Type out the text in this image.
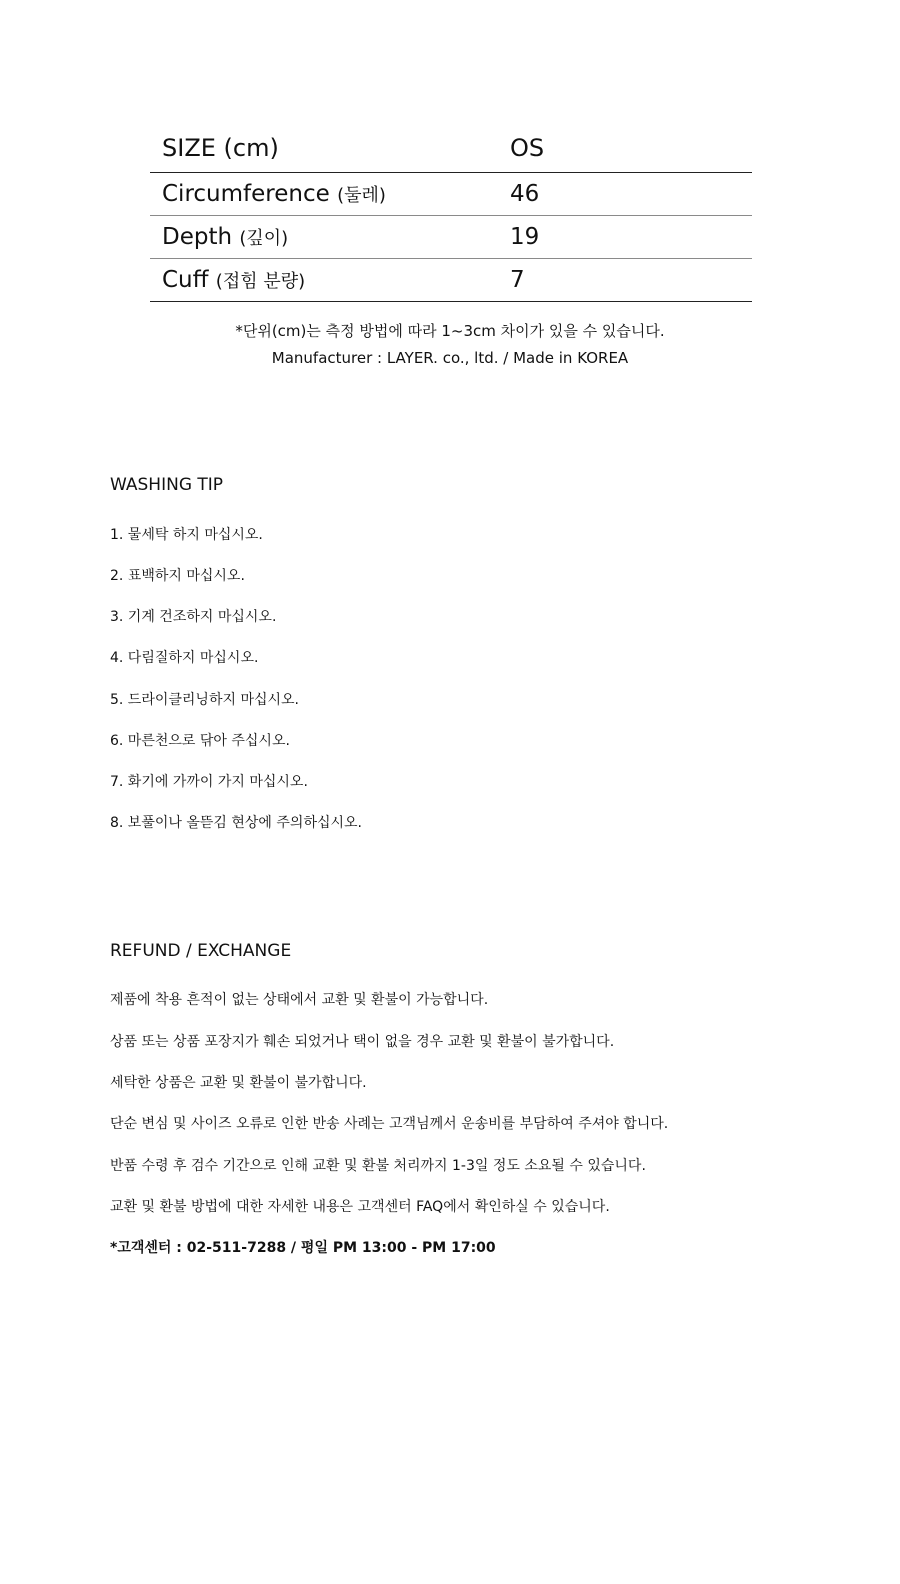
SIZE (cm)	OS
Circumference (둘레)	46
Depth (깊이)	19
Cuff (접힘 분량)	7
*단위(cm)는 측정 방법에 따라 1~3cm 차이가 있을 수 있습니다.
Manufacturer : LAYER. co., ltd. / Made in KOREA
WASHING TIP
1. 물세탁 하지 마십시오.
2. 표백하지 마십시오.
3. 기계 건조하지 마십시오.
4. 다림질하지 마십시오.
5. 드라이클리닝하지 마십시오.
6. 마른천으로 닦아 주십시오.
7. 화기에 가까이 가지 마십시오.
8. 보풀이나 올뜯김 현상에 주의하십시오.
REFUND / EXCHANGE
제품에 착용 흔적이 없는 상태에서 교환 및 환불이 가능합니다.
상품 또는 상품 포장지가 훼손 되었거나 택이 없을 경우 교환 및 환불이 불가합니다.
세탁한 상품은 교환 및 환불이 불가합니다.
단순 변심 및 사이즈 오류로 인한 반송 사례는 고객님께서 운송비를 부담하여 주셔야 합니다.
반품 수령 후 검수 기간으로 인해 교환 및 환불 처리까지 1-3일 정도 소요될 수 있습니다.
교환 및 환불 방법에 대한 자세한 내용은 고객센터 FAQ에서 확인하실 수 있습니다.
*고객센터 : 02-511-7288 / 평일 PM 13:00 - PM 17:00
